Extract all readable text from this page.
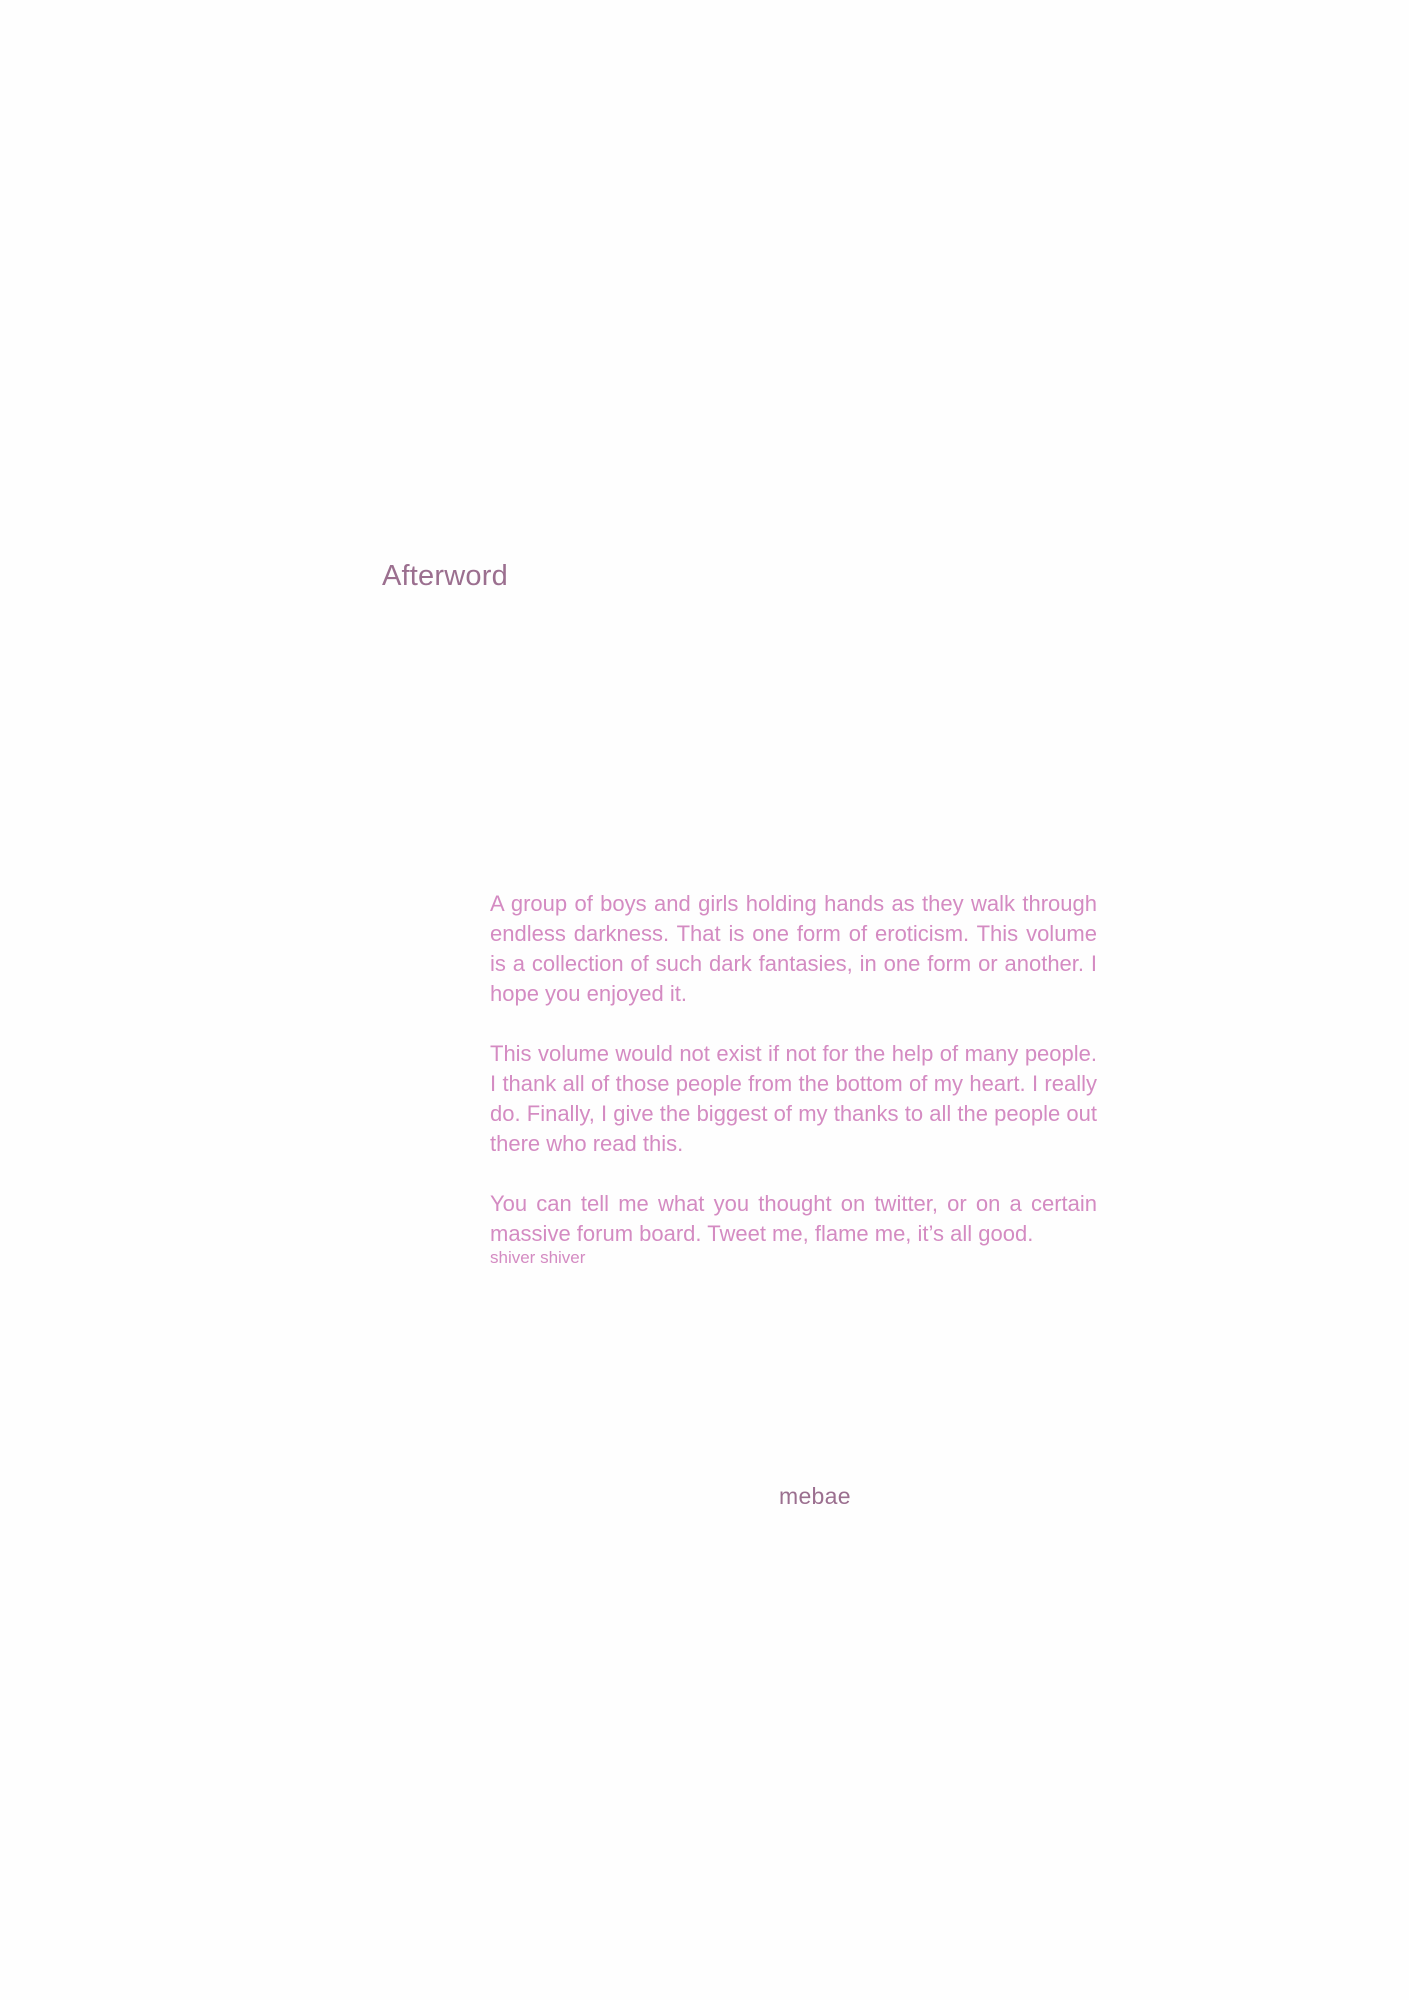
Afterword

A group of boys and girls holding hands as they walk through endless darkness. That is one form of eroticism. This volume is a collection of such dark fantasies, in one form or another. I hope you enjoyed it.

This volume would not exist if not for the help of many people. I thank all of those people from the bottom of my heart. I really do. Finally, I give the biggest of my thanks to all the people out there who read this.

You can tell me what you thought on twitter, or on a certain massive forum board. Tweet me, flame me, it’s all good.

shiver shiver
mebae
